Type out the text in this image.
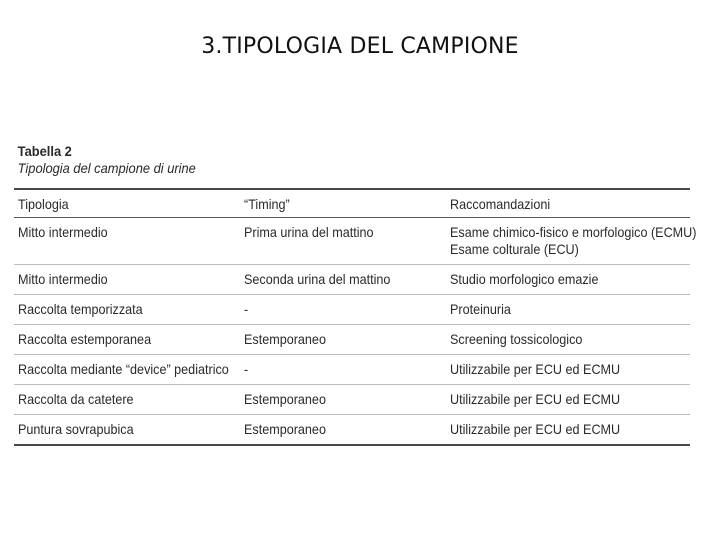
3.TIPOLOGIA DEL CAMPIONE
Tabella 2
Tipologia del campione di urine
Tipologia	“Timing”	Raccomandazioni
Mitto intermedio	Prima urina del mattino	Esame chimico-fisico e morfologico (ECMU)
Esame colturale (ECU)

Mitto intermedio	Seconda urina del mattino	Studio morfologico emazie

Raccolta temporizzata	-	Proteinuria

Raccolta estemporanea	Estemporaneo	Screening tossicologico

Raccolta mediante “device” pediatrico	-	Utilizzabile per ECU ed ECMU

Raccolta da catetere	Estemporaneo	Utilizzabile per ECU ed ECMU

Puntura sovrapubica	Estemporaneo	Utilizzabile per ECU ed ECMU
